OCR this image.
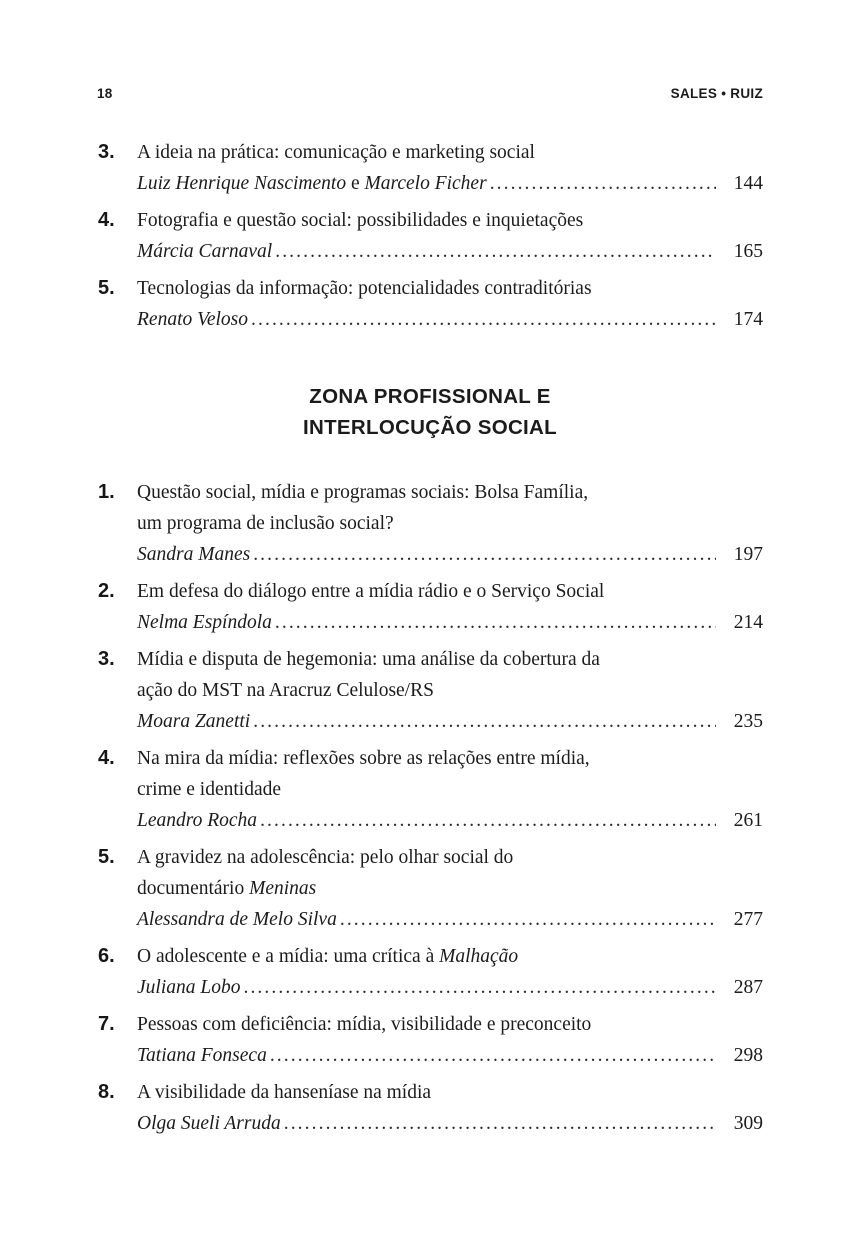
18	SALES • RUIZ
3. A ideia na prática: comunicação e marketing social
Luiz Henrique Nascimento e Marcelo Ficher .....	144
4. Fotografia e questão social: possibilidades e inquietações
Márcia Carnaval .....	165
5. Tecnologias da informação: potencialidades contraditórias
Renato Veloso .....	174
ZONA PROFISSIONAL E
INTERLOCUÇÃO SOCIAL
1. Questão social, mídia e programas sociais: Bolsa Família,
um programa de inclusão social?
Sandra Manes .....	197
2. Em defesa do diálogo entre a mídia rádio e o Serviço Social
Nelma Espíndola .....	214
3. Mídia e disputa de hegemonia: uma análise da cobertura da
ação do MST na Aracruz Celulose/RS
Moara Zanetti .....	235
4. Na mira da mídia: reflexões sobre as relações entre mídia,
crime e identidade
Leandro Rocha .....	261
5. A gravidez na adolescência: pelo olhar social do
documentário Meninas
Alessandra de Melo Silva .....	277
6. O adolescente e a mídia: uma crítica à Malhação
Juliana Lobo .....	287
7. Pessoas com deficiência: mídia, visibilidade e preconceito
Tatiana Fonseca .....	298
8. A visibilidade da hanseníase na mídia
Olga Sueli Arruda .....	309
